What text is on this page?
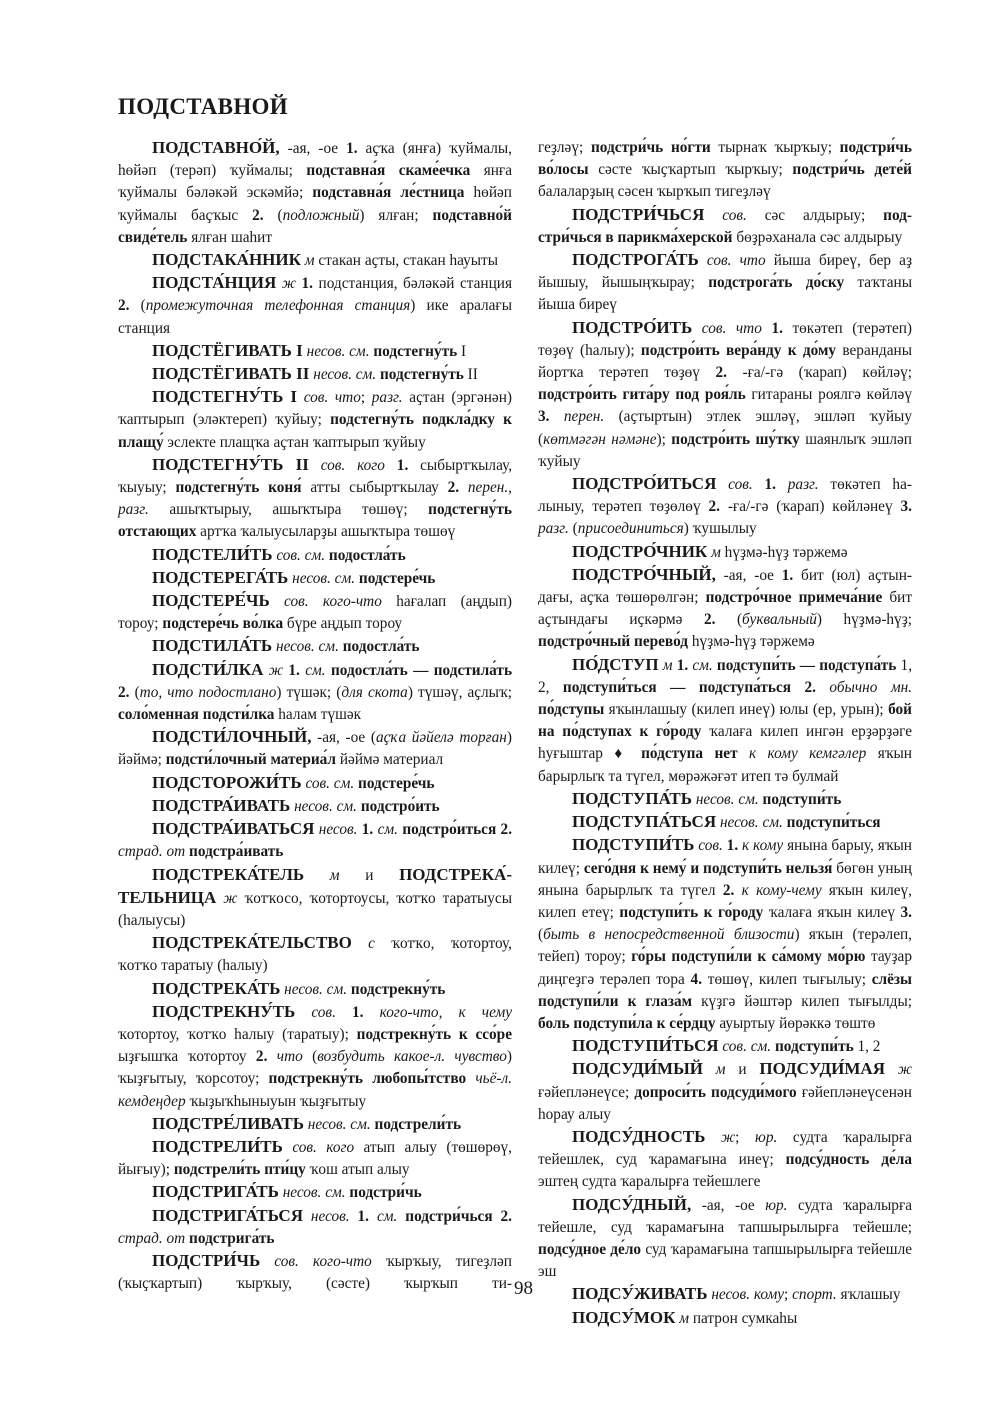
ПОДСТАВНОЙ

ПОДСТАВНО́Й, -ая, -ое 1. аҫҡа (янға) ҡуймалы, һөйәп (терәп) ҡуймалы; подставна́я скаме́ечка янға ҡуймалы бәләкәй эскәмйә; подставна́я ле́стница һөйәп ҡуймалы баҫҡыс 2. (подложный) ялған; подставно́й свиде́тель ялған шаһит

ПОДСТАКА́ННИК м стакан аҫты, стакан һауыты

ПОДСТА́НЦИЯ ж 1. подстанция, бәләкәй станция 2. (промежуточная телефонная станция) ике аралағы станция

ПОДСТЁГИВАТЬ I несов. см. подстегну́ть I

ПОДСТЁГИВАТЬ II несов. см. подстегну́ть II

ПОДСТЕГНУ́ТЬ I сов. что; разг. аҫтан (эргәнән) ҡаптырып (эләктереп) ҡуйыу; подстегну́ть подкла́дку к плащу́ эслекте плащҡа аҫтан ҡаптырып ҡуйыу

ПОДСТЕГНУ́ТЬ II сов. кого 1. сыбыртҡылау, ҡыуыу; подстегну́ть коня́ атты сыбыртҡылау 2. перен., разг. ашыҡтырыу, ашыҡтыра төшөү; подстегну́ть отстающих артҡа ҡалыусыларҙы ашыҡтыра төшөү

ПОДСТЕЛИ́ТЬ сов. см. подостла́ть

ПОДСТЕРЕГА́ТЬ несов. см. подстере́чь

ПОДСТЕРЕ́ЧЬ сов. кого-что һағалап (аңдып) тороу; подстере́чь во́лка бүре аңдып тороу

ПОДСТИЛА́ТЬ несов. см. подостла́ть

ПОДСТИ́ЛКА ж 1. см. подостла́ть — подстила́ть 2. (то, что подостлано) түшәк; (для скота) түшәү, аҫлыҡ; соло́менная подсти́лка һалам түшәк

ПОДСТИ́ЛОЧНЫЙ, -ая, -ое (аҫҡа йәйелә торған) йәймә; подсти́лочный материа́л йәймә материал

ПОДСТОРОЖИ́ТЬ сов. см. подстере́чь

ПОДСТРА́ИВАТЬ несов. см. подстро́ить

ПОДСТРА́ИВАТЬСЯ несов. 1. см. подстро́иться 2. страд. от подстра́ивать

ПОДСТРЕКА́ТЕЛЬ м и ПОДСТРЕКА́ТЕЛЬНИЦА ж ҡотҡосо, ҡотортоусы, ҡотҡо таратыусы (һалыусы)

ПОДСТРЕКА́ТЕЛЬСТВО с ҡотҡо, ҡотортоу, ҡотҡо таратыу (һалыу)

ПОДСТРЕКА́ТЬ несов. см. подстрекну́ть

ПОДСТРЕКНУ́ТЬ сов. 1. кого-что, к чему ҡотортоу, ҡотҡо һалыу (таратыу); подстрекну́ть к ссо́ре ыҙғышҡа ҡотортоу 2. что (возбудить какое-л. чувство) ҡыҙғытыу, ҡорсотоу; подстрекну́ть любопы́тство чьё-л. кемдеңдер ҡыҙыҡһыныуын ҡыҙғытыу

ПОДСТРЕ́ЛИВАТЬ несов. см. подстрели́ть

ПОДСТРЕЛИ́ТЬ сов. кого атып алыу (төшөрөү, йығыу); подстрели́ть пти́цу ҡош атып алыу

ПОДСТРИГА́ТЬ несов. см. подстри́чь

ПОДСТРИГА́ТЬСЯ несов. 1. см. подстри́чься 2. страд. от подстрига́ть

ПОДСТРИ́ЧЬ сов. кого-что ҡырҡыу, тигеҙләп (ҡыҫҡартып) ҡырҡыу, (сәсте) ҡырҡып ти-

геҙләү; подстри́чь но́гти тырнаҡ ҡырҡыу; подстри́чь во́лосы сәсте ҡыҫҡартып ҡырҡыу; подстри́чь дете́й балаларҙың сәсен ҡырҡып тигеҙләү

ПОДСТРИ́ЧЬСЯ сов. сәс алдырыу; подстри́чься в парикма́херской бөҙрәханала сәс алдырыу

ПОДСТРОГА́ТЬ сов. что йыша биреү, бер аҙ йышыу, йышыңҡырау; подстрога́ть до́ску таҡтаны йыша биреү

ПОДСТРО́ИТЬ сов. что 1. төкәтеп (терәтеп) төҙөү (һалыу); подстро́ить вера́нду к до́му веранданы йортҡа терәтеп төҙөү 2. -ға/-гә (ҡарап) көйләү; подстро́ить гита́ру под роя́ль гитараны роялгә көйләү 3. перен. (аҫтыртын) этлек эшләү, эшләп ҡуйыу (көтмәгән нәмәне); подстро́ить шу́тку шаянлыҡ эшләп ҡуйыу

ПОДСТРО́ИТЬСЯ сов. 1. разг. төкәтеп һалыныу, терәтеп төҙөлөү 2. -ға/-гә (ҡарап) көйләнеү 3. разг. (присоединиться) ҡушылыу

ПОДСТРО́ЧНИК м һүҙмә-һүҙ тәржемә

ПОДСТРО́ЧНЫЙ, -ая, -ое 1. бит (юл) аҫтындағы, аҫҡа төшөрөлгән; подстро́чное примеча́ние бит аҫтындағы иҫкәрмә 2. (буквальный) һүҙмә-һүҙ; подстро́чный перево́д һүҙмә-һүҙ тәржемә

ПО́ДСТУП м 1. см. подступи́ть — подступа́ть 1, 2, подступи́ться — подступа́ться 2. обычно мн. по́дступы яҡынлашыу (килеп инеү) юлы (ер, урын); бой на по́дступах к го́роду ҡалаға килеп ингән ерҙәрҙәге һуғыштар ♦ по́дступа нет к кому кемгәлер яҡын барырлыҡ та түгел, мөрәжәғәт итеп тә булмай

ПОДСТУПА́ТЬ несов. см. подступи́ть

ПОДСТУПА́ТЬСЯ несов. см. подступи́ться

ПОДСТУПИ́ТЬ сов. 1. к кому янына барыу, яҡын килеү; сего́дня к нему́ и подступи́ть нельзя́ бөгөн уның янына барырлыҡ та түгел 2. к кому-чему яҡын килеү, килеп етеү; подступи́ть к го́роду ҡалаға яҡын килеү 3. (быть в непосредственной близости) яҡын (терәлеп, тейеп) тороу; го́ры подступи́ли к са́мому мо́рю тауҙар диңгеҙгә терәлеп тора 4. төшөү, килеп тығылыу; слёзы подступи́ли к глаза́м күҙгә йәштәр килеп тығылды; боль подступи́ла к се́рдцу ауыртыу йөрәккә төштө

ПОДСТУПИ́ТЬСЯ сов. см. подступи́ть 1, 2

ПОДСУДИ́МЫЙ м и ПОДСУДИ́МАЯ ж ғәйепләнеүсе; допроси́ть подсуди́мого ғәйепләнеүсенән һорау алыу

ПОДСУ́ДНОСТЬ ж; юр. судта ҡаралырға тейешлек, суд ҡарамағына инеү; подсу́дность де́ла эштең судта ҡаралырға тейешлеге

ПОДСУ́ДНЫЙ, -ая, -ое юр. судта ҡаралырға тейешле, суд ҡарамағына тапшырылырға тейешле; подсу́дное де́ло суд ҡарамағына тапшырылырға тейешле эш

ПОДСУ́ЖИВАТЬ несов. кому; спорт. яҡлашыу

ПОДСУ́МОК м патрон сумкаһы

98
